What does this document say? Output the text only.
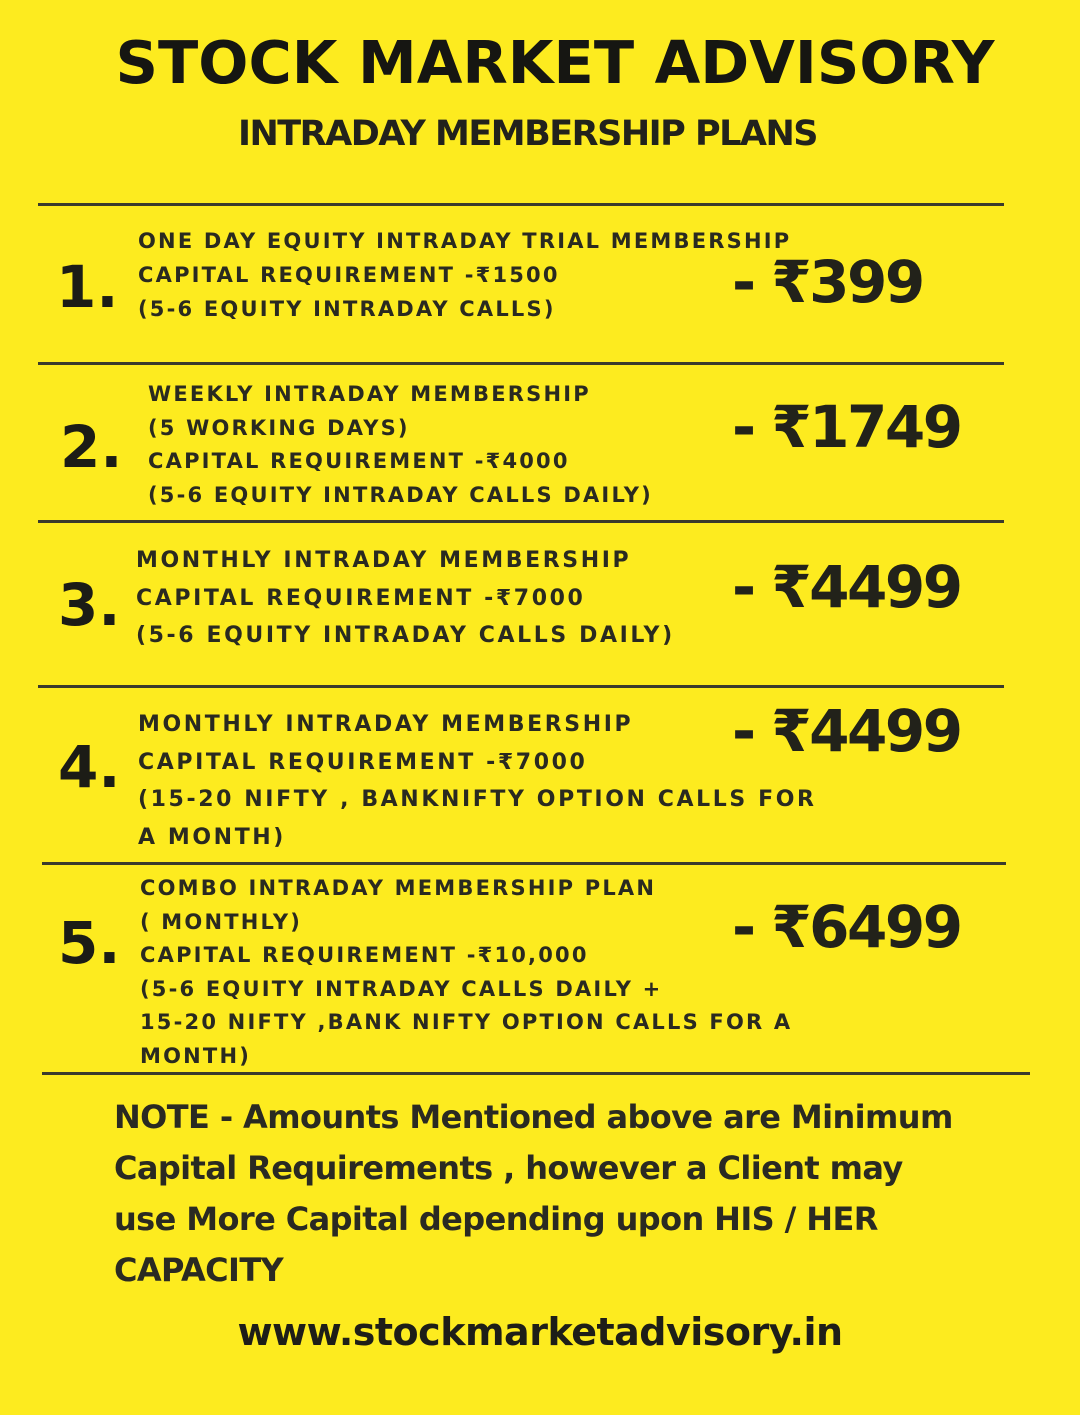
STOCK MARKET ADVISORY
INTRADAY MEMBERSHIP PLANS
1.
ONE DAY EQUITY INTRADAY TRIAL MEMBERSHIP
CAPITAL REQUIREMENT -₹1500
(5-6 EQUITY INTRADAY CALLS)	- ₹399
2.
WEEKLY INTRADAY MEMBERSHIP
(5 WORKING DAYS)
CAPITAL REQUIREMENT -₹4000
(5-6 EQUITY INTRADAY CALLS DAILY)
- ₹1749
3.
MONTHLY INTRADAY MEMBERSHIP
CAPITAL REQUIREMENT -₹7000
(5-6 EQUITY INTRADAY CALLS DAILY)
- ₹4499
4.
MONTHLY INTRADAY MEMBERSHIP
CAPITAL REQUIREMENT -₹7000
(15-20 NIFTY , BANKNIFTY OPTION CALLS FOR
A MONTH)
- ₹4499
5.
COMBO INTRADAY MEMBERSHIP PLAN
( MONTHLY)
CAPITAL REQUIREMENT -₹10,000
(5-6 EQUITY INTRADAY CALLS DAILY +
15-20 NIFTY ,BANK NIFTY OPTION CALLS FOR A
MONTH)
- ₹6499

NOTE - Amounts Mentioned above are Minimum Capital Requirements , however a Client may use More Capital depending upon HIS / HER CAPACITY

www.stockmarketadvisory.in
